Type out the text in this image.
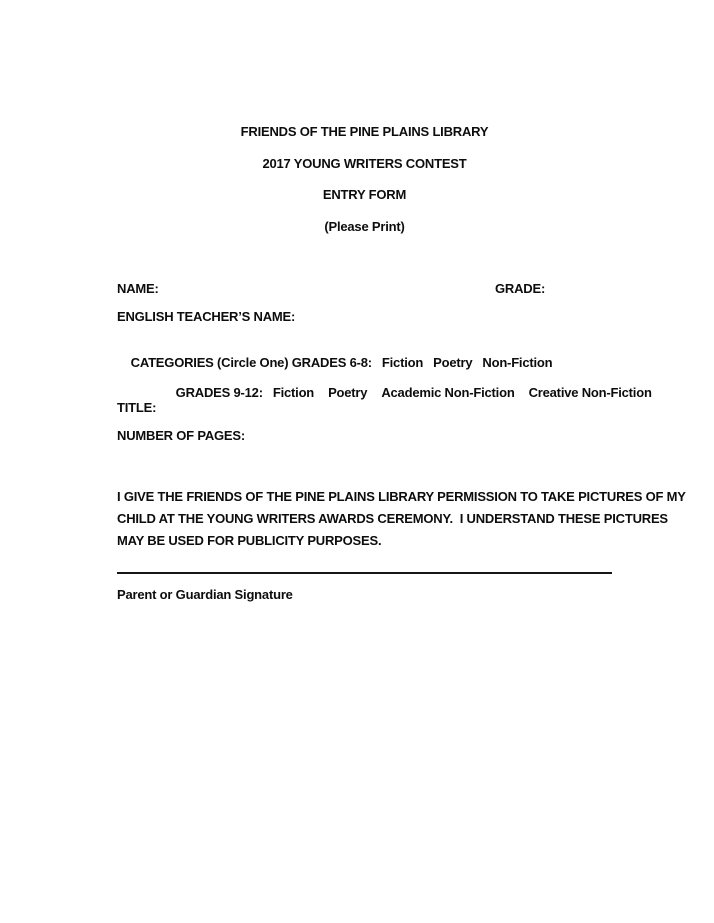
FRIENDS OF THE PINE PLAINS LIBRARY
2017 YOUNG WRITERS CONTEST
ENTRY FORM
(Please Print)
NAME:	GRADE:
ENGLISH TEACHER’S NAME:

CATEGORIES (Circle One) GRADES 6-8: Fiction Poetry Non-Fiction

GRADES 9-12: Fiction Poetry Academic Non-Fiction Creative Non-Fiction

TITLE:
NUMBER OF PAGES:
I GIVE THE FRIENDS OF THE PINE PLAINS LIBRARY PERMISSION TO TAKE PICTURES OF MY
CHILD AT THE YOUNG WRITERS AWARDS CEREMONY.  I UNDERSTAND THESE PICTURES
MAY BE USED FOR PUBLICITY PURPOSES.
Parent or Guardian Signature
